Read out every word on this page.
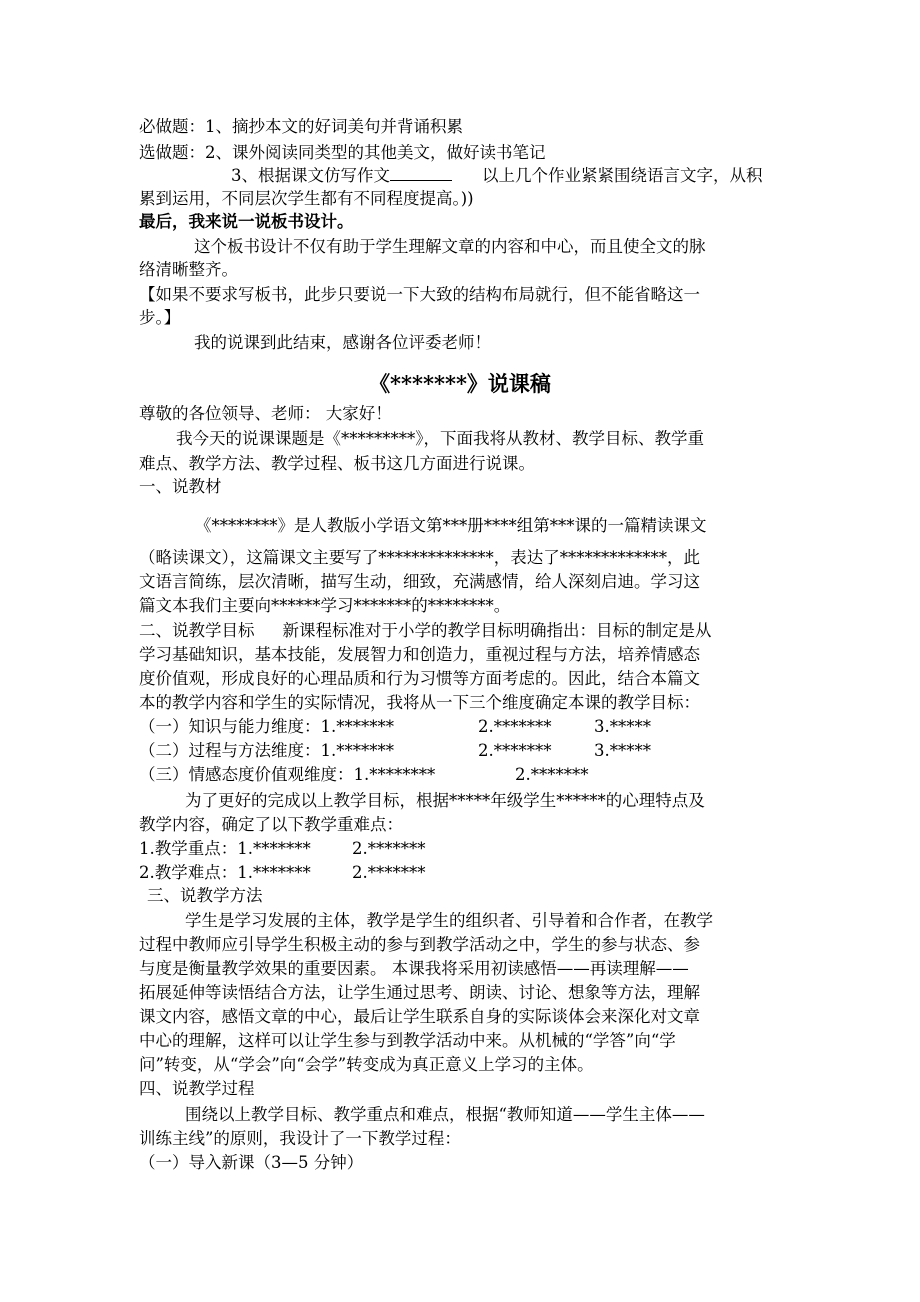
必做题：1、摘抄本文的好词美句并背诵积累
选做题：2、课外阅读同类型的其他美文，做好读书笔记
3、根据课文仿写作文	以上几个作业紧紧围绕语言文字，从积
累到运用，不同层次学生都有不同程度提高。))
最后，我来说一说板书设计。
这个板书设计不仅有助于学生理解文章的内容和中心，而且使全文的脉
络清晰整齐。
【如果不要求写板书，此步只要说一下大致的结构布局就行，但不能省略这一
步。】
我的说课到此结束，感谢各位评委老师！
《*******》说课稿
尊敬的各位领导、老师： 大家好！
我今天的说课课题是《*********》，下面我将从教材、教学目标、教学重
难点、教学方法、教学过程、板书这几方面进行说课。
一、说教材
《********》是人教版小学语文第***册****组第***课的一篇精读课文
（略读课文），这篇课文主要写了**************，表达了*************，此
文语言简练，层次清晰，描写生动，细致，充满感情，给人深刻启迪。学习这
篇文本我们主要向******学习*******的********。
二、说教学目标 新课程标准对于小学的教学目标明确指出：目标的制定是从
学习基础知识，基本技能，发展智力和创造力，重视过程与方法，培养情感态
度价值观，形成良好的心理品质和行为习惯等方面考虑的。因此，结合本篇文
本的教学内容和学生的实际情况，我将从一下三个维度确定本课的教学目标：
（一）知识与能力维度：1.*******	2.*******	3.*****
（二）过程与方法维度：1.*******	2.*******	3.*****
（三）情感态度价值观维度：1.********	2.*******
为了更好的完成以上教学目标，根据*****年级学生******的心理特点及
教学内容，确定了以下教学重难点：
1.教学重点：1.*******	2.*******
2.教学难点：1.*******	2.*******
三、说教学方法
学生是学习发展的主体，教学是学生的组织者、引导着和合作者，在教学
过程中教师应引导学生积极主动的参与到教学活动之中，学生的参与状态、参
与度是衡量教学效果的重要因素。 本课我将采用初读感悟——再读理解——
拓展延伸等读悟结合方法，让学生通过思考、朗读、讨论、想象等方法，理解
课文内容，感悟文章的中心，最后让学生联系自身的实际谈体会来深化对文章
中心的理解，这样可以让学生参与到教学活动中来。从机械的“学答”向“学
问”转变，从“学会”向“会学”转变成为真正意义上学习的主体。
四、说教学过程
围绕以上教学目标、教学重点和难点，根据“教师知道——学生主体——
训练主线”的原则，我设计了一下教学过程：
（一）导入新课（3—5 分钟）
